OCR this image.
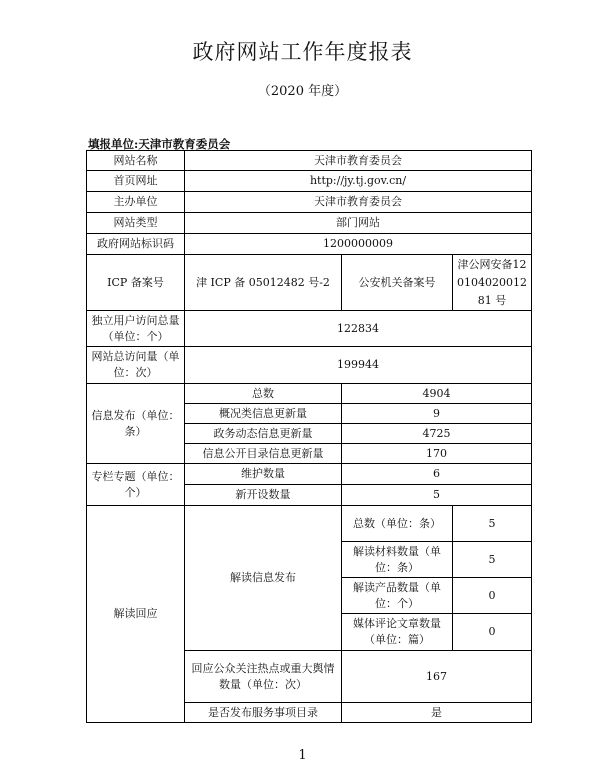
政府网站工作年度报表
（2020 年度）
填报单位:天津市教育委员会
网站名称	天津市教育委员会		
首页网址	http://jy.tj.gov.cn/		
主办单位	天津市教育委员会		
网站类型	部门网站		
政府网站标识码	1200000009		
ICP 备案号	津 ICP 备 05012482 号-2	公安机关备案号	津公网安备12010402001281 号
独立用户访问总量（单位：个）	122834		
网站总访问量（单位：次）	199944		
信息发布（单位：条）	总数	4904	
	概况类信息更新量	9	
	政务动态信息更新量	4725	
	信息公开目录信息更新量	170	
专栏专题（单位：个）	维护数量	6	
	新开设数量	5	
解读回应	解读信息发布	总数（单位：条）	5
		解读材料数量（单位：条）	5
		解读产品数量（单位：个）	0
		媒体评论文章数量（单位：篇）	0
	回应公众关注热点或重大舆情数量（单位：次）	167	
	是否发布服务事项目录	是	
1
